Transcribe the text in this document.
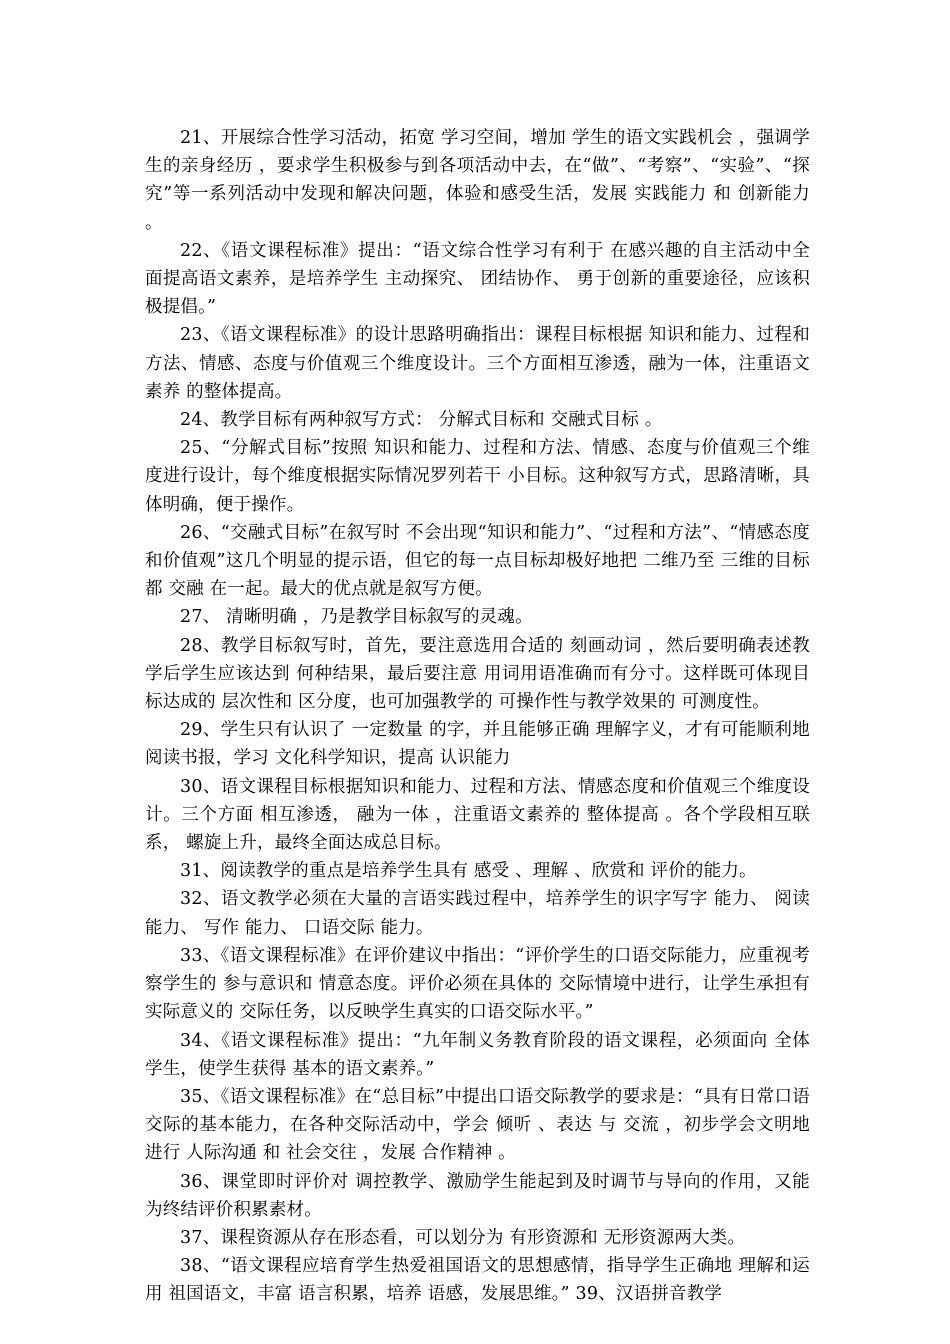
21、开展综合性学习活动，拓宽 学习空间，增加 学生的语文实践机会 ，强调学生的亲身经历 ，要求学生积极参与到各项活动中去，在“做”、“考察”、“实验”、“探究”等一系列活动中发现和解决问题，体验和感受生活，发展 实践能力 和 创新能力 。

22、《语文课程标准》提出：“语文综合性学习有利于 在感兴趣的自主活动中全面提高语文素养，是培养学生 主动探究、 团结协作、 勇于创新的重要途径，应该积极提倡。”

23、《语文课程标准》的设计思路明确指出：课程目标根据 知识和能力、过程和方法、情感、态度与价值观三个维度设计。三个方面相互渗透，融为一体，注重语文素养 的整体提高。

24、教学目标有两种叙写方式： 分解式目标和 交融式目标 。

25、“分解式目标”按照 知识和能力、过程和方法、情感、态度与价值观三个维度进行设计，每个维度根据实际情况罗列若干 小目标。这种叙写方式，思路清晰，具体明确，便于操作。

26、“交融式目标”在叙写时 不会出现“知识和能力”、“过程和方法”、“情感态度和价值观”这几个明显的提示语，但它的每一点目标却极好地把 二维乃至 三维的目标都 交融 在一起。最大的优点就是叙写方便。

27、 清晰明确 ，乃是教学目标叙写的灵魂。

28、教学目标叙写时，首先，要注意选用合适的 刻画动词 ，然后要明确表述教学后学生应该达到 何种结果，最后要注意 用词用语准确而有分寸。这样既可体现目标达成的 层次性和 区分度，也可加强教学的 可操作性与教学效果的 可测度性。

29、学生只有认识了 一定数量 的字，并且能够正确 理解字义，才有可能顺利地阅读书报，学习 文化科学知识，提高 认识能力

30、语文课程目标根据知识和能力、过程和方法、情感态度和价值观三个维度设计。三个方面 相互渗透， 融为一体 ，注重语文素养的 整体提高 。各个学段相互联系， 螺旋上升，最终全面达成总目标。

31、阅读教学的重点是培养学生具有 感受 、理解 、欣赏和 评价的能力。

32、语文教学必须在大量的言语实践过程中，培养学生的识字写字 能力、 阅读 能力、 写作 能力、 口语交际 能力。

33、《语文课程标准》在评价建议中指出：“评价学生的口语交际能力，应重视考察学生的 参与意识和 情意态度。评价必须在具体的 交际情境中进行，让学生承担有实际意义的 交际任务，以反映学生真实的口语交际水平。”

34、《语文课程标准》提出：“九年制义务教育阶段的语文课程，必须面向 全体学生，使学生获得 基本的语文素养。”

35、《语文课程标准》在“总目标”中提出口语交际教学的要求是：“具有日常口语交际的基本能力，在各种交际活动中，学会 倾听 、表达 与 交流 ，初步学会文明地进行 人际沟通 和 社会交往 ，发展 合作精神 。

36、课堂即时评价对 调控教学、激励学生能起到及时调节与导向的作用，又能为终结评价积累素材。

37、课程资源从存在形态看，可以划分为 有形资源和 无形资源两大类。

38、“语文课程应培育学生热爱祖国语文的思想感情，指导学生正确地 理解和运用 祖国语文，丰富 语言积累，培养 语感，发展思维。” 39、汉语拼音教学
